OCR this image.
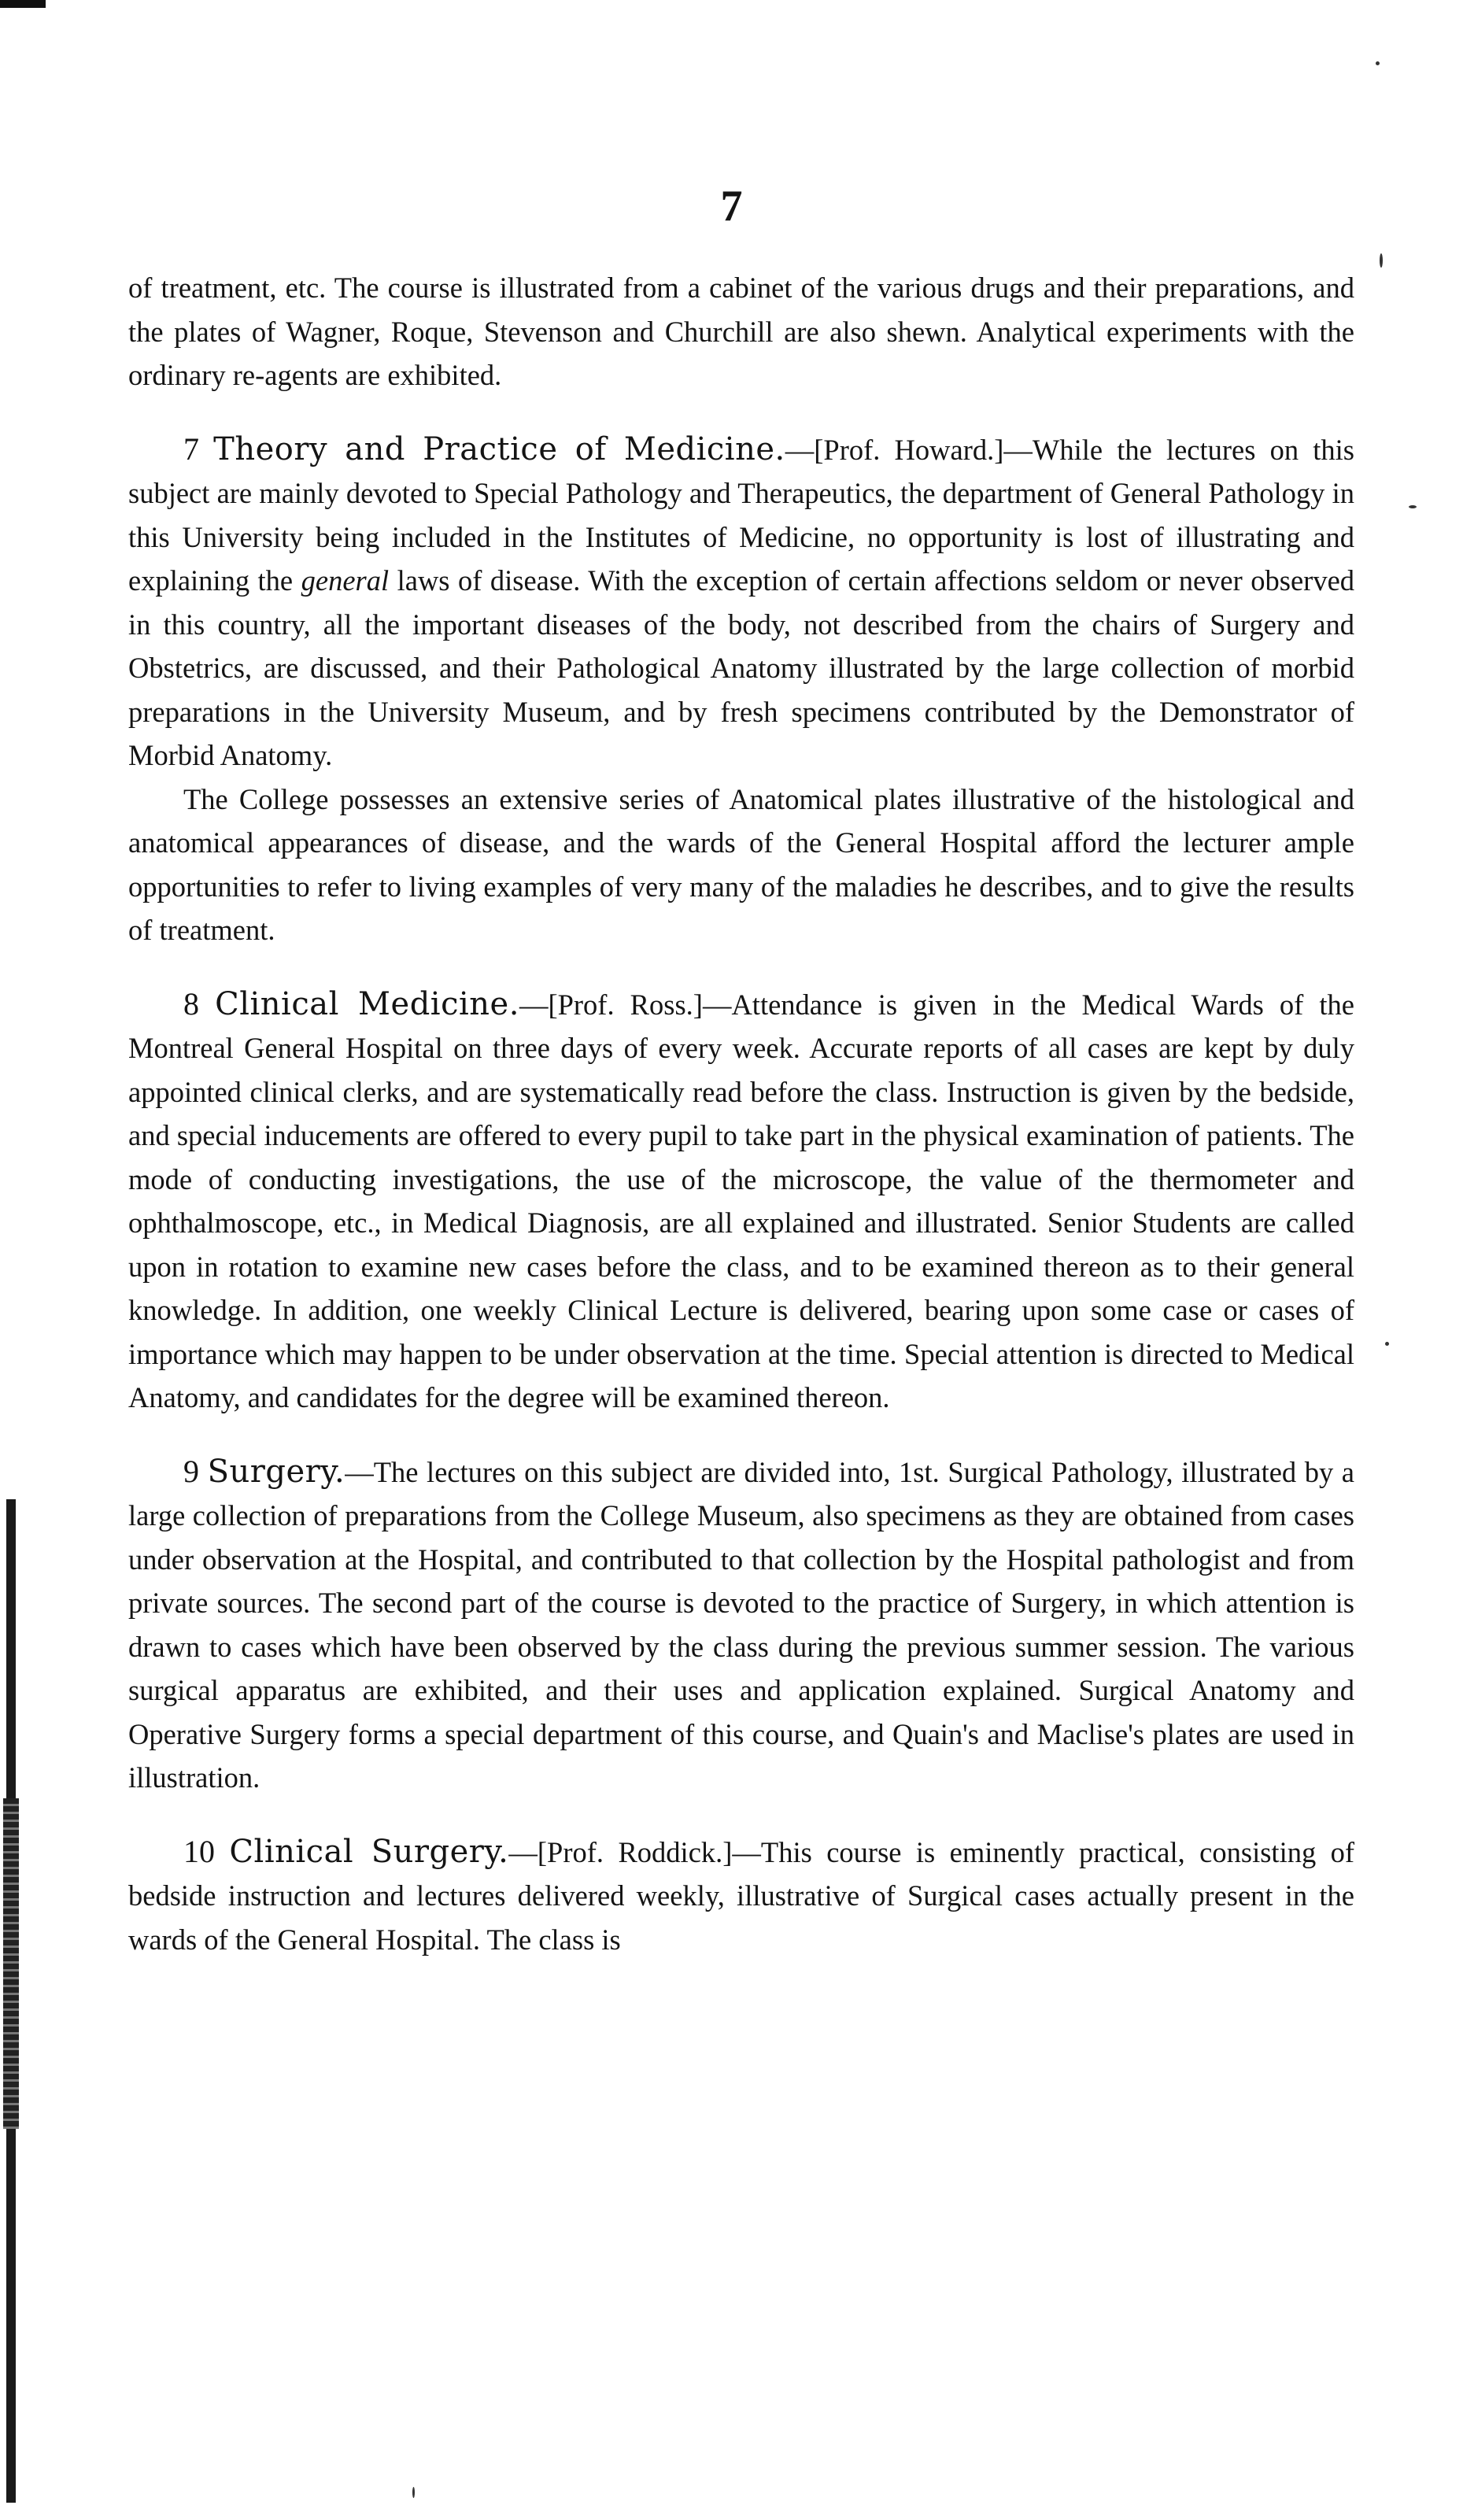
7

of treatment, etc. The course is illustrated from a cabinet of the various drugs and their preparations, and the plates of Wagner, Roque, Stevenson and Churchill are also shewn. Analytical experiments with the ordinary re-agents are exhibited.

7 Theory and Practice of Medicine.—[Prof. Howard.]—While the lectures on this subject are mainly devoted to Special Pathology and Therapeutics, the department of General Pathology in this University being included in the Institutes of Medicine, no opportunity is lost of illustrating and explaining the general laws of disease. With the exception of certain affections seldom or never observed in this country, all the important diseases of the body, not described from the chairs of Surgery and Obstetrics, are discussed, and their Pathological Anatomy illustrated by the large collection of morbid preparations in the University Museum, and by fresh specimens contributed by the Demonstrator of Morbid Anatomy.

The College possesses an extensive series of Anatomical plates illustrative of the histological and anatomical appearances of disease, and the wards of the General Hospital afford the lecturer ample opportunities to refer to living examples of very many of the maladies he describes, and to give the results of treatment.

8 Clinical Medicine.—[Prof. Ross.]—Attendance is given in the Medical Wards of the Montreal General Hospital on three days of every week. Accurate reports of all cases are kept by duly appointed clinical clerks, and are systematically read before the class. Instruction is given by the bedside, and special inducements are offered to every pupil to take part in the physical examination of patients. The mode of conducting investigations, the use of the microscope, the value of the thermometer and ophthalmoscope, etc., in Medical Diagnosis, are all explained and illustrated. Senior Students are called upon in rotation to examine new cases before the class, and to be examined thereon as to their general knowledge. In addition, one weekly Clinical Lecture is delivered, bearing upon some case or cases of importance which may happen to be under observation at the time. Special attention is directed to Medical Anatomy, and candidates for the degree will be examined thereon.

9 Surgery.—The lectures on this subject are divided into, 1st. Surgical Pathology, illustrated by a large collection of preparations from the College Museum, also specimens as they are obtained from cases under observation at the Hospital, and contributed to that collection by the Hospital pathologist and from private sources. The second part of the course is devoted to the practice of Surgery, in which attention is drawn to cases which have been observed by the class during the previous summer session. The various surgical apparatus are exhibited, and their uses and application explained. Surgical Anatomy and Operative Surgery forms a special department of this course, and Quain's and Maclise's plates are used in illustration.

10 Clinical Surgery.—[Prof. Roddick.]—This course is eminently practical, consisting of bedside instruction and lectures delivered weekly, illustrative of Surgical cases actually present in the wards of the General Hospital. The class is
